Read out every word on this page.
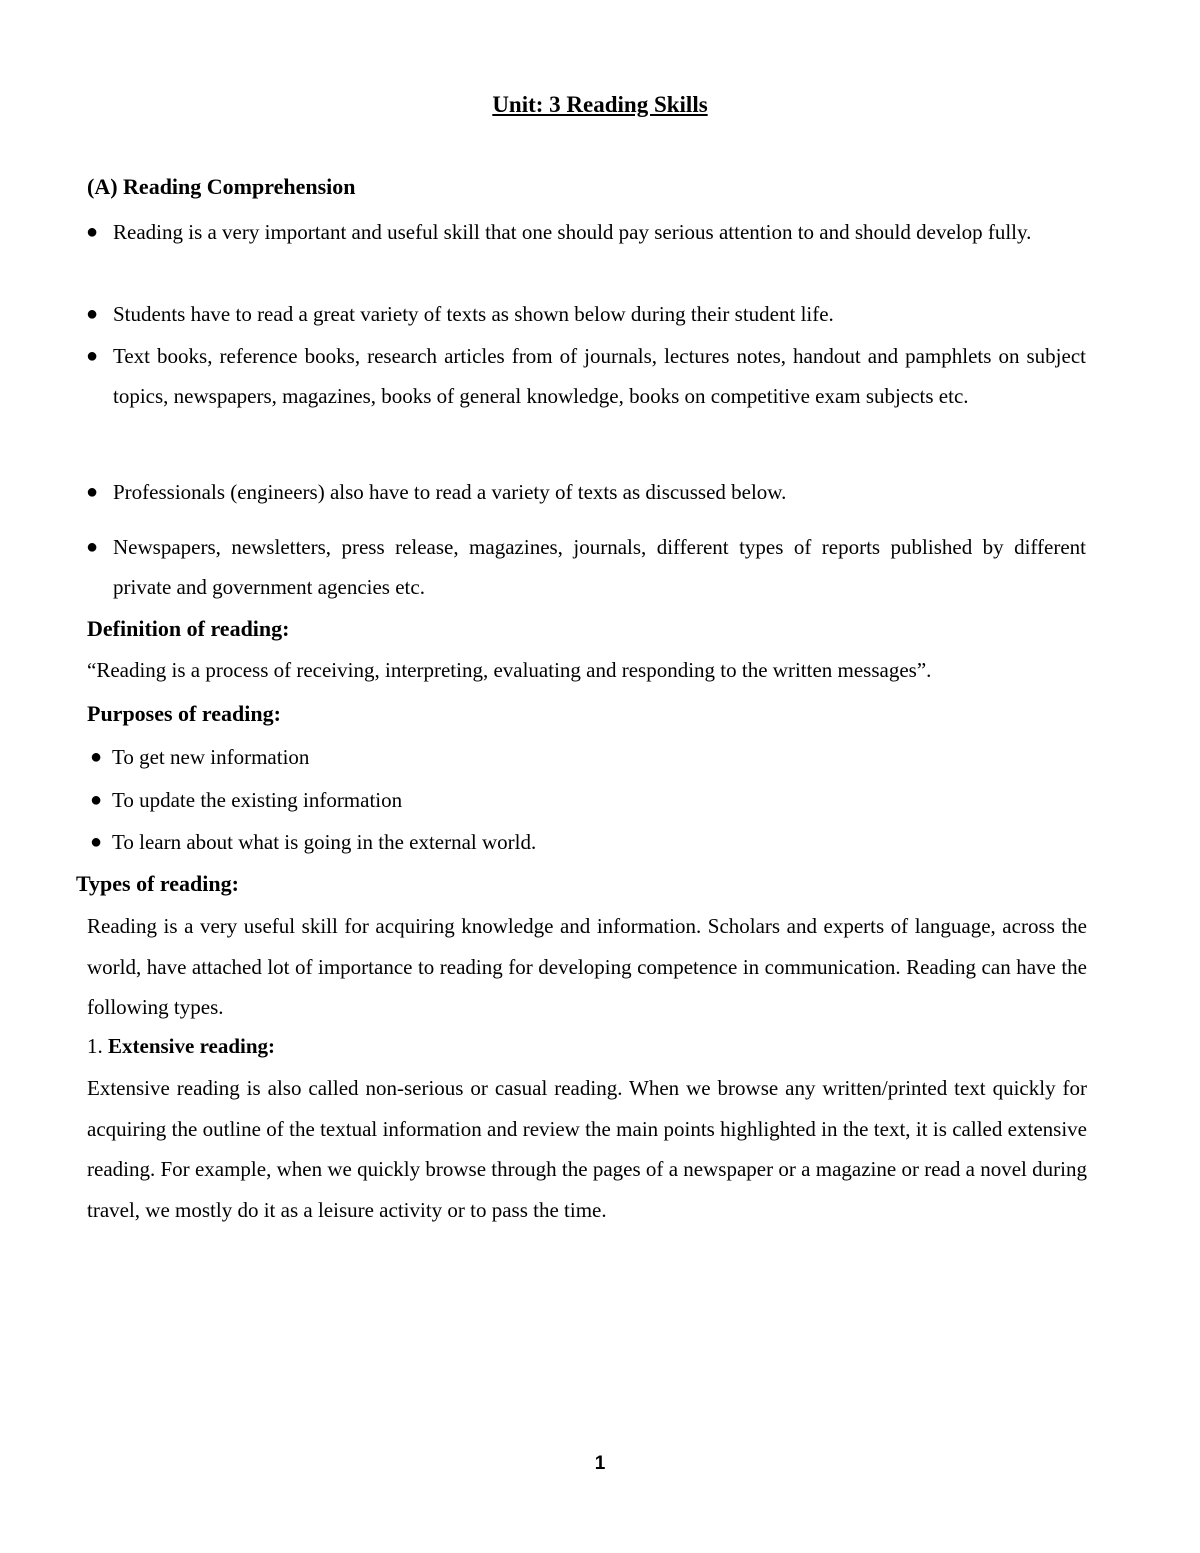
Unit: 3 Reading Skills
(A) Reading Comprehension
● Reading is a very important and useful skill that one should pay serious attention to and should develop fully.
● Students have to read a great variety of texts as shown below during their student life.
● Text books, reference books, research articles from of journals, lectures notes, handout and pamphlets on subject topics, newspapers, magazines, books of general knowledge, books on competitive exam subjects etc.
● Professionals (engineers) also have to read a variety of texts as discussed below.
● Newspapers, newsletters, press release, magazines, journals, different types of reports published by different private and government agencies etc.
Definition of reading:

“Reading is a process of receiving, interpreting, evaluating and responding to the written messages”.

Purposes of reading:
● To get new information
● To update the existing information
● To learn about what is going in the external world.
Types of reading:

Reading is a very useful skill for acquiring knowledge and information. Scholars and experts of language, across the world, have attached lot of importance to reading for developing competence in communication. Reading can have the following types.

1. Extensive reading:

Extensive reading is also called non-serious or casual reading. When we browse any written/printed text quickly for acquiring the outline of the textual information and review the main points highlighted in the text, it is called extensive reading. For example, when we quickly browse through the pages of a newspaper or a magazine or read a novel during travel, we mostly do it as a leisure activity or to pass the time.

1
